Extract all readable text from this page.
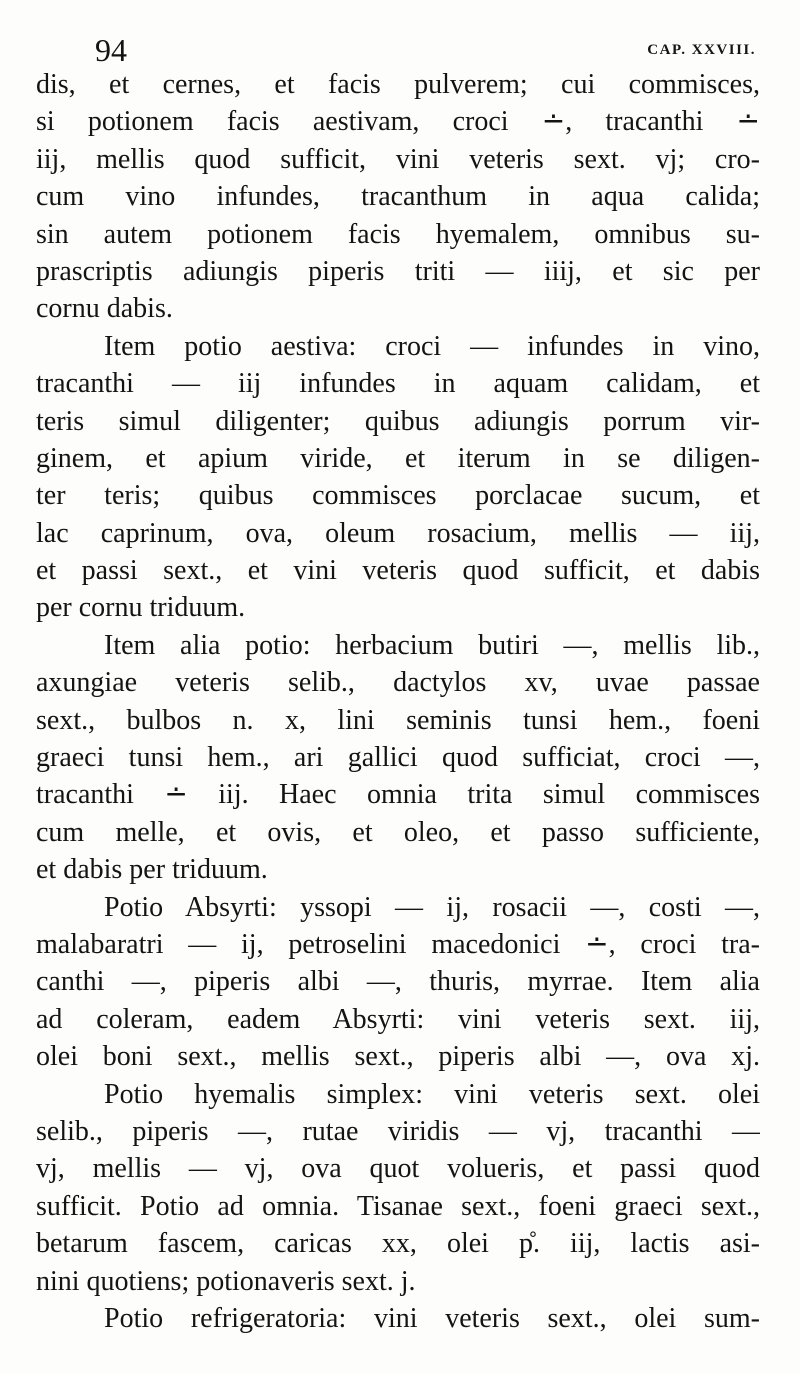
94	CAP. XXVIII.
dis, et cernes, et facis pulverem; cui commisces,
si potionem facis aestivam, croci ∸, tracanthi ∸
iij, mellis quod sufficit, vini veteris sext. vj; cro-
cum vino infundes, tracanthum in aqua calida;
sin autem potionem facis hyemalem, omnibus su-
prascriptis adiungis piperis triti — iiij, et sic per
cornu dabis.
Item potio aestiva: croci — infundes in vino,
tracanthi — iij infundes in aquam calidam, et
teris simul diligenter; quibus adiungis porrum vir-
ginem, et apium viride, et iterum in se diligen-
ter teris; quibus commisces porclacae sucum, et
lac caprinum, ova, oleum rosacium, mellis — iij,
et passi sext., et vini veteris quod sufficit, et dabis
per cornu triduum.
Item alia potio: herbacium butiri —, mellis lib.,
axungiae veteris selib., dactylos xv, uvae passae
sext., bulbos n. x, lini seminis tunsi hem., foeni
graeci tunsi hem., ari gallici quod sufficiat, croci —,
tracanthi ∸ iij. Haec omnia trita simul commisces
cum melle, et ovis, et oleo, et passo sufficiente,
et dabis per triduum.
Potio Absyrti: yssopi — ij, rosacii —, costi —,
malabaratri — ij, petroselini macedonici ∸, croci tra-
canthi —, piperis albi —, thuris, myrrae. Item alia
ad coleram, eadem Absyrti: vini veteris sext. iij,
olei boni sext., mellis sext., piperis albi —, ova xj.
Potio hyemalis simplex: vini veteris sext. olei
selib., piperis —, rutae viridis — vj, tracanthi —
vj, mellis — vj, ova quot volueris, et passi quod
sufficit. Potio ad omnia. Tisanae sext., foeni graeci sext.,
betarum fascem, caricas xx, olei p̊. iij, lactis asi-
nini quotiens; potionaveris sext. j.
Potio refrigeratoria: vini veteris sext., olei sum-
